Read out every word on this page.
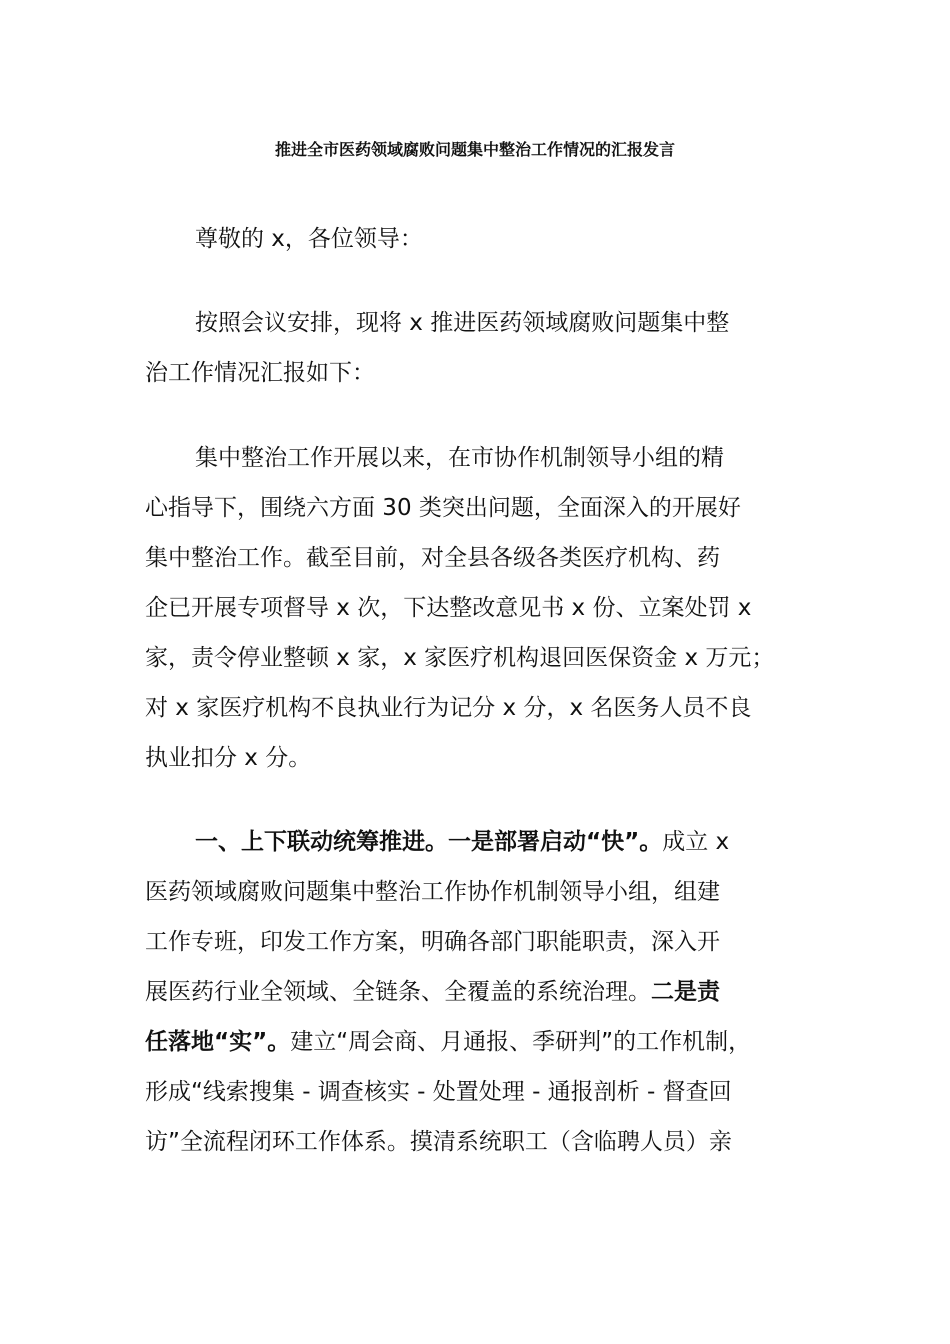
推进全市医药领域腐败问题集中整治工作情况的汇报发言
尊敬的 x，各位领导：
按照会议安排，现将 x 推进医药领域腐败问题集中整
治工作情况汇报如下：
集中整治工作开展以来，在市协作机制领导小组的精
心指导下，围绕六方面 30 类突出问题，全面深入的开展好
集中整治工作。截至目前，对全县各级各类医疗机构、药
企已开展专项督导 x 次，下达整改意见书 x 份、立案处罚 x
家，责令停业整顿 x 家，x 家医疗机构退回医保资金 x 万元；
对 x 家医疗机构不良执业行为记分 x 分，x 名医务人员不良
执业扣分 x 分。
一、上下联动统筹推进。一是部署启动“快”。成立 x
医药领域腐败问题集中整治工作协作机制领导小组，组建
工作专班，印发工作方案，明确各部门职能职责，深入开
展医药行业全领域、全链条、全覆盖的系统治理。二是责
任落地“实”。建立“周会商、月通报、季研判”的工作机制，
形成“线索搜集 - 调查核实 - 处置处理 - 通报剖析 - 督查回
访”全流程闭环工作体系。摸清系统职工（含临聘人员）亲
